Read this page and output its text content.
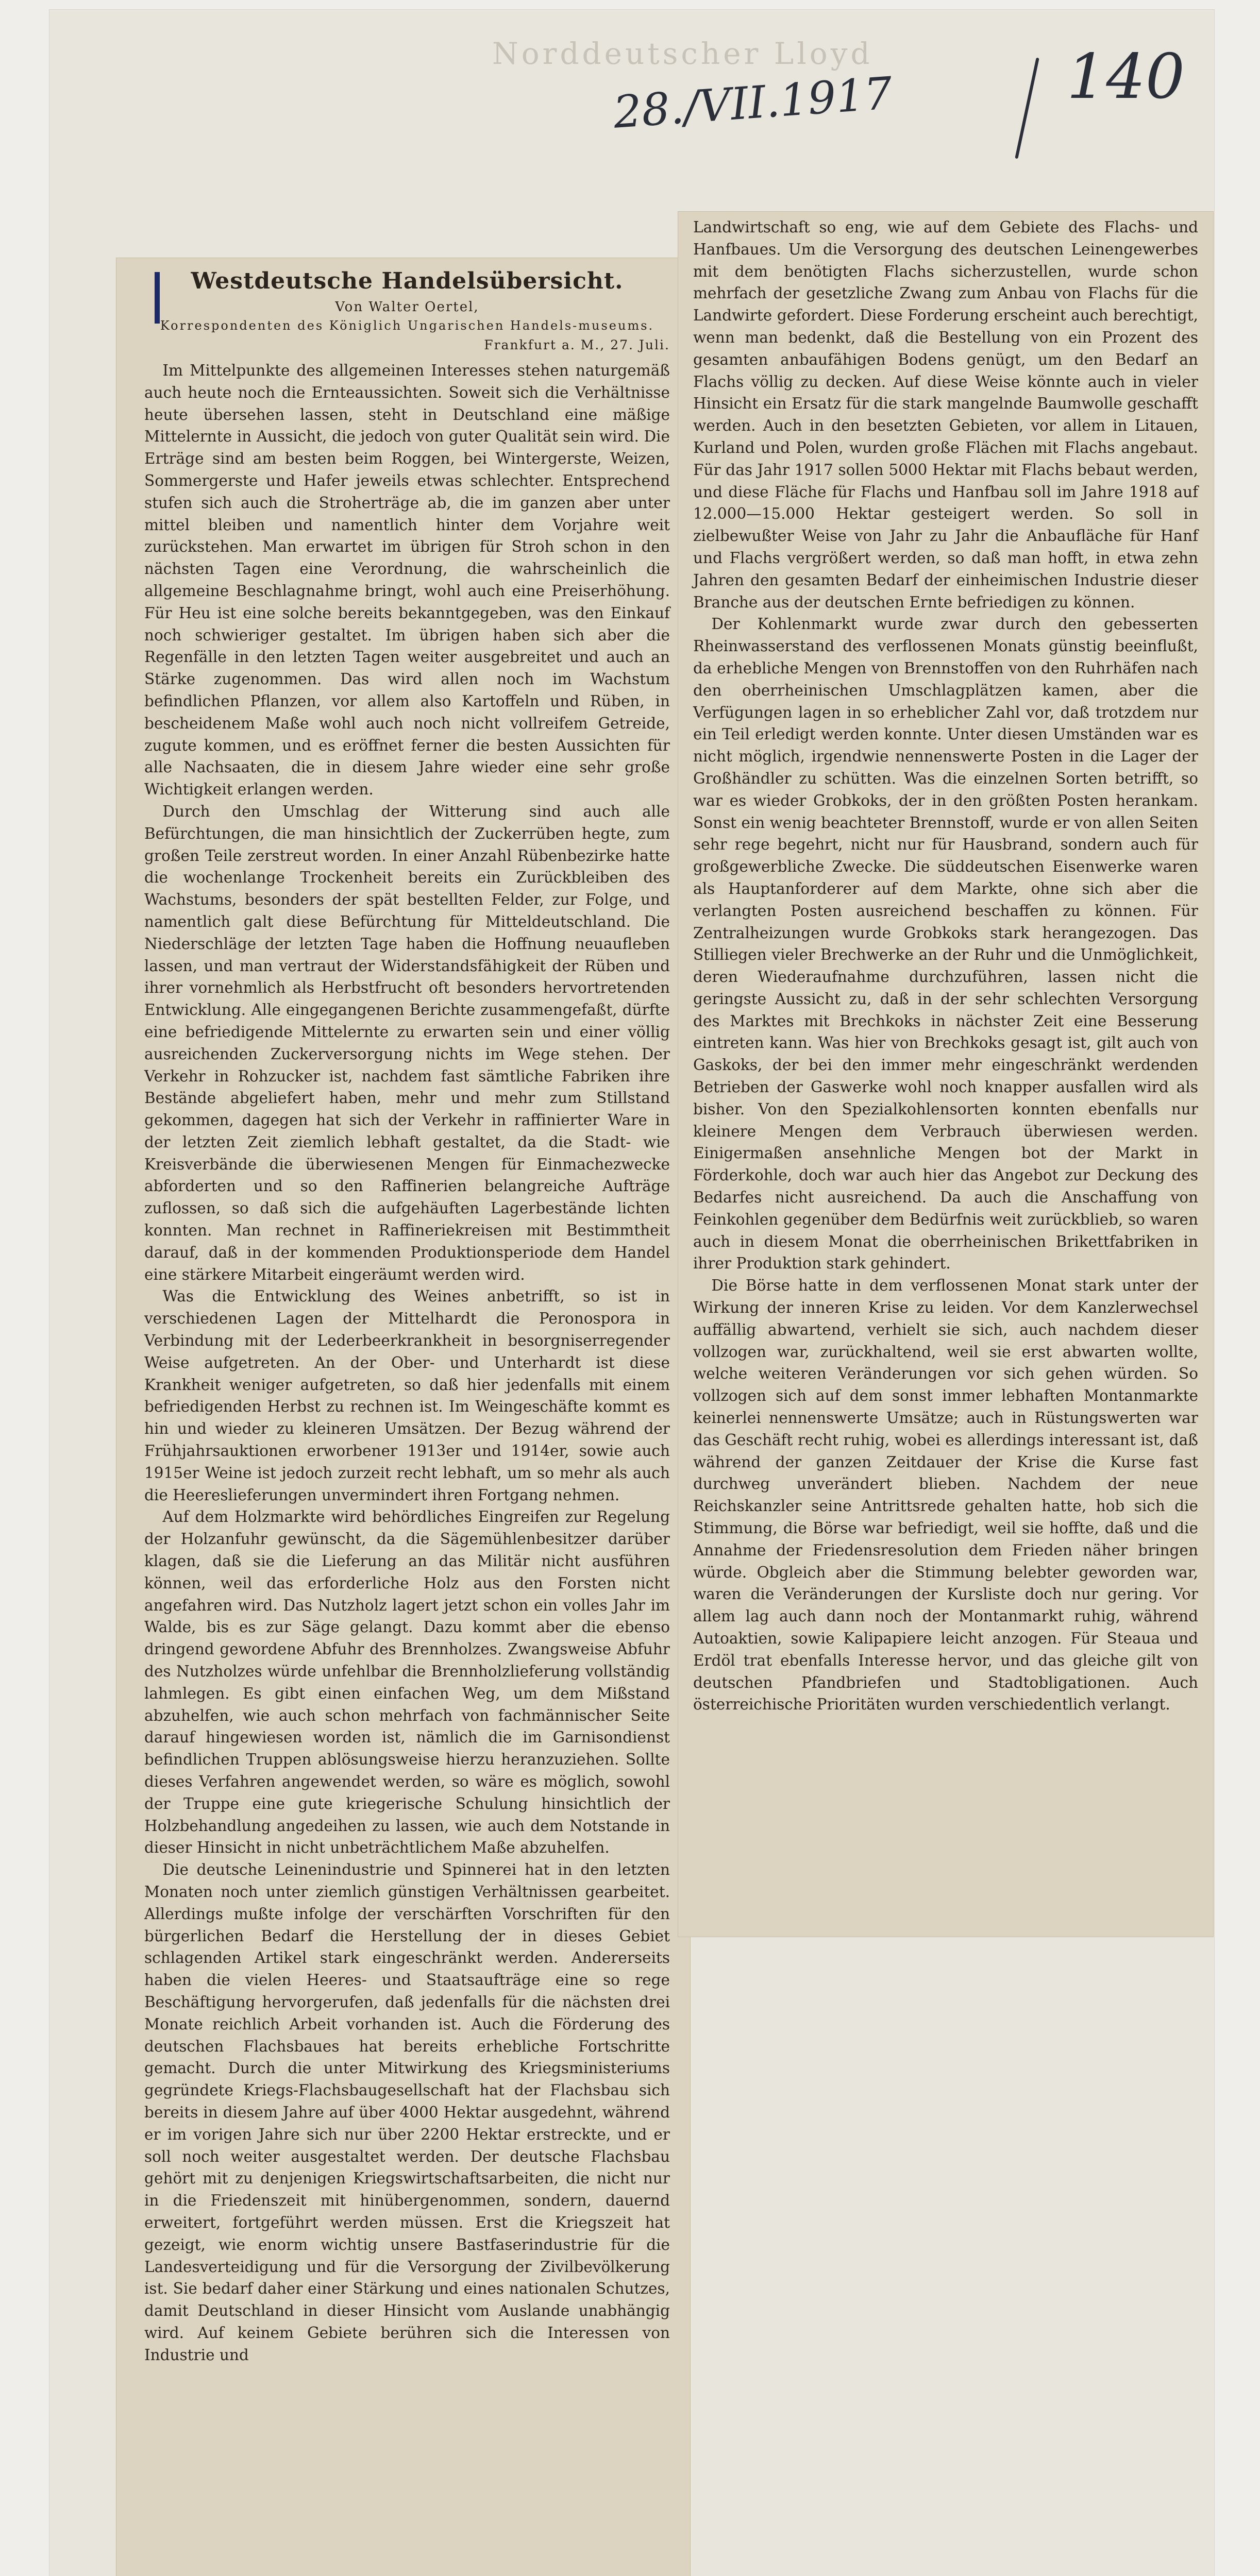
Norddeutscher Lloyd
28./VII.1917	140
Westdeutsche Handelsübersicht.
Von Walter Oertel,
Korrespondenten des Königlich Ungarischen Handels-museums.
Frankfurt a. M., 27. Juli.

Im Mittelpunkte des allgemeinen Interesses stehen naturgemäß auch heute noch die Ernteaussichten. Soweit sich die Verhältnisse heute übersehen lassen, steht in Deutschland eine mäßige Mittelernte in Aussicht, die jedoch von guter Qualität sein wird. Die Erträge sind am besten beim Roggen, bei Wintergerste, Weizen, Sommergerste und Hafer jeweils etwas schlechter. Entsprechend stufen sich auch die Stroherträge ab, die im ganzen aber unter mittel bleiben und namentlich hinter dem Vorjahre weit zurückstehen. Man erwartet im übrigen für Stroh schon in den nächsten Tagen eine Verordnung, die wahrscheinlich die allgemeine Beschlagnahme bringt, wohl auch eine Preiserhöhung. Für Heu ist eine solche bereits bekanntgegeben, was den Einkauf noch schwieriger gestaltet. Im übrigen haben sich aber die Regenfälle in den letzten Tagen weiter ausgebreitet und auch an Stärke zugenommen. Das wird allen noch im Wachstum befindlichen Pflanzen, vor allem also Kartoffeln und Rüben, in bescheidenem Maße wohl auch noch nicht vollreifem Getreide, zugute kommen, und es eröffnet ferner die besten Aussichten für alle Nachsaaten, die in diesem Jahre wieder eine sehr große Wichtigkeit erlangen werden.

Durch den Umschlag der Witterung sind auch alle Befürchtungen, die man hinsichtlich der Zuckerrüben hegte, zum großen Teile zerstreut worden. In einer Anzahl Rübenbezirke hatte die wochenlange Trockenheit bereits ein Zurückbleiben des Wachstums, besonders der spät bestellten Felder, zur Folge, und namentlich galt diese Befürchtung für Mitteldeutschland. Die Niederschläge der letzten Tage haben die Hoffnung neuaufleben lassen, und man vertraut der Widerstandsfähigkeit der Rüben und ihrer vornehmlich als Herbstfrucht oft besonders hervortretenden Entwicklung. Alle eingegangenen Berichte zusammengefaßt, dürfte eine befriedigende Mittelernte zu erwarten sein und einer völlig ausreichenden Zuckerversorgung nichts im Wege stehen. Der Verkehr in Rohzucker ist, nachdem fast sämtliche Fabriken ihre Bestände abgeliefert haben, mehr und mehr zum Stillstand gekommen, dagegen hat sich der Verkehr in raffinierter Ware in der letzten Zeit ziemlich lebhaft gestaltet, da die Stadt- wie Kreisverbände die überwiesenen Mengen für Einmachezwecke abforderten und so den Raffinerien belangreiche Aufträge zuflossen, so daß sich die aufgehäuften Lagerbestände lichten konnten. Man rechnet in Raffineriekreisen mit Bestimmtheit darauf, daß in der kommenden Produktionsperiode dem Handel eine stärkere Mitarbeit eingeräumt werden wird.

Was die Entwicklung des Weines anbetrifft, so ist in verschiedenen Lagen der Mittelhardt die Peronospora in Verbindung mit der Lederbeerkrankheit in besorgniserregender Weise aufgetreten. An der Ober- und Unterhardt ist diese Krankheit weniger aufgetreten, so daß hier jedenfalls mit einem befriedigenden Herbst zu rechnen ist. Im Weingeschäfte kommt es hin und wieder zu kleineren Umsätzen. Der Bezug während der Frühjahrsauktionen erworbener 1913er und 1914er, sowie auch 1915er Weine ist jedoch zurzeit recht lebhaft, um so mehr als auch die Heereslieferungen unvermindert ihren Fortgang nehmen.

Auf dem Holzmarkte wird behördliches Eingreifen zur Regelung der Holzanfuhr gewünscht, da die Sägemühlenbesitzer darüber klagen, daß sie die Lieferung an das Militär nicht ausführen können, weil das erforderliche Holz aus den Forsten nicht angefahren wird. Das Nutzholz lagert jetzt schon ein volles Jahr im Walde, bis es zur Säge gelangt. Dazu kommt aber die ebenso dringend gewordene Abfuhr des Brennholzes. Zwangsweise Abfuhr des Nutzholzes würde unfehlbar die Brennholzlieferung vollständig lahmlegen. Es gibt einen einfachen Weg, um dem Mißstand abzuhelfen, wie auch schon mehrfach von fachmännischer Seite darauf hingewiesen worden ist, nämlich die im Garnisondienst befindlichen Truppen ablösungsweise hierzu heranzuziehen. Sollte dieses Verfahren angewendet werden, so wäre es möglich, sowohl der Truppe eine gute kriegerische Schulung hinsichtlich der Holzbehandlung angedeihen zu lassen, wie auch dem Notstande in dieser Hinsicht in nicht unbeträchtlichem Maße abzuhelfen.

Die deutsche Leinenindustrie und Spinnerei hat in den letzten Monaten noch unter ziemlich günstigen Verhältnissen gearbeitet. Allerdings mußte infolge der verschärften Vorschriften für den bürgerlichen Bedarf die Herstellung der in dieses Gebiet schlagenden Artikel stark eingeschränkt werden. Andererseits haben die vielen Heeres- und Staatsaufträge eine so rege Beschäftigung hervorgerufen, daß jedenfalls für die nächsten drei Monate reichlich Arbeit vorhanden ist. Auch die Förderung des deutschen Flachsbaues hat bereits erhebliche Fortschritte gemacht. Durch die unter Mitwirkung des Kriegsministeriums gegründete Kriegs-Flachsbaugesellschaft hat der Flachsbau sich bereits in diesem Jahre auf über 4000 Hektar ausgedehnt, während er im vorigen Jahre sich nur über 2200 Hektar erstreckte, und er soll noch weiter ausgestaltet werden. Der deutsche Flachsbau gehört mit zu denjenigen Kriegswirtschaftsarbeiten, die nicht nur in die Friedenszeit mit hinübergenommen, sondern, dauernd erweitert, fortgeführt werden müssen. Erst die Kriegszeit hat gezeigt, wie enorm wichtig unsere Bastfaserindustrie für die Landesverteidigung und für die Versorgung der Zivilbevölkerung ist. Sie bedarf daher einer Stärkung und eines nationalen Schutzes, damit Deutschland in dieser Hinsicht vom Auslande unabhängig wird. Auf keinem Gebiete berühren sich die Interessen von Industrie und

Landwirtschaft so eng, wie auf dem Gebiete des Flachs- und Hanfbaues. Um die Versorgung des deutschen Leinengewerbes mit dem benötigten Flachs sicherzustellen, wurde schon mehrfach der gesetzliche Zwang zum Anbau von Flachs für die Landwirte gefordert. Diese Forderung erscheint auch berechtigt, wenn man bedenkt, daß die Bestellung von ein Prozent des gesamten anbaufähigen Bodens genügt, um den Bedarf an Flachs völlig zu decken. Auf diese Weise könnte auch in vieler Hinsicht ein Ersatz für die stark mangelnde Baumwolle geschafft werden. Auch in den besetzten Gebieten, vor allem in Litauen, Kurland und Polen, wurden große Flächen mit Flachs angebaut. Für das Jahr 1917 sollen 5000 Hektar mit Flachs bebaut werden, und diese Fläche für Flachs und Hanfbau soll im Jahre 1918 auf 12.000—15.000 Hektar gesteigert werden. So soll in zielbewußter Weise von Jahr zu Jahr die Anbaufläche für Hanf und Flachs vergrößert werden, so daß man hofft, in etwa zehn Jahren den gesamten Bedarf der einheimischen Industrie dieser Branche aus der deutschen Ernte befriedigen zu können.

Der Kohlenmarkt wurde zwar durch den gebesserten Rheinwasserstand des verflossenen Monats günstig beeinflußt, da erhebliche Mengen von Brennstoffen von den Ruhrhäfen nach den oberrheinischen Umschlagplätzen kamen, aber die Verfügungen lagen in so erheblicher Zahl vor, daß trotzdem nur ein Teil erledigt werden konnte. Unter diesen Umständen war es nicht möglich, irgendwie nennenswerte Posten in die Lager der Großhändler zu schütten. Was die einzelnen Sorten betrifft, so war es wieder Grobkoks, der in den größten Posten herankam. Sonst ein wenig beachteter Brennstoff, wurde er von allen Seiten sehr rege begehrt, nicht nur für Hausbrand, sondern auch für großgewerbliche Zwecke. Die süddeutschen Eisenwerke waren als Hauptanforderer auf dem Markte, ohne sich aber die verlangten Posten ausreichend beschaffen zu können. Für Zentralheizungen wurde Grobkoks stark herangezogen. Das Stilliegen vieler Brechwerke an der Ruhr und die Unmöglichkeit, deren Wiederaufnahme durchzuführen, lassen nicht die geringste Aussicht zu, daß in der sehr schlechten Versorgung des Marktes mit Brechkoks in nächster Zeit eine Besserung eintreten kann. Was hier von Brechkoks gesagt ist, gilt auch von Gaskoks, der bei den immer mehr eingeschränkt werdenden Betrieben der Gaswerke wohl noch knapper ausfallen wird als bisher. Von den Spezialkohlensorten konnten ebenfalls nur kleinere Mengen dem Verbrauch überwiesen werden. Einigermaßen ansehnliche Mengen bot der Markt in Förderkohle, doch war auch hier das Angebot zur Deckung des Bedarfes nicht ausreichend. Da auch die Anschaffung von Feinkohlen gegenüber dem Bedürfnis weit zurückblieb, so waren auch in diesem Monat die oberrheinischen Brikettfabriken in ihrer Produktion stark gehindert.

Die Börse hatte in dem verflossenen Monat stark unter der Wirkung der inneren Krise zu leiden. Vor dem Kanzlerwechsel auffällig abwartend, verhielt sie sich, auch nachdem dieser vollzogen war, zurückhaltend, weil sie erst abwarten wollte, welche weiteren Veränderungen vor sich gehen würden. So vollzogen sich auf dem sonst immer lebhaften Montanmarkte keinerlei nennenswerte Umsätze; auch in Rüstungswerten war das Geschäft recht ruhig, wobei es allerdings interessant ist, daß während der ganzen Zeitdauer der Krise die Kurse fast durchweg unverändert blieben. Nachdem der neue Reichskanzler seine Antrittsrede gehalten hatte, hob sich die Stimmung, die Börse war befriedigt, weil sie hoffte, daß und die Annahme der Friedensresolution dem Frieden näher bringen würde. Obgleich aber die Stimmung belebter geworden war, waren die Veränderungen der Kursliste doch nur gering. Vor allem lag auch dann noch der Montanmarkt ruhig, während Autoaktien, sowie Kalipapiere leicht anzogen. Für Steaua und Erdöl trat ebenfalls Interesse hervor, und das gleiche gilt von deutschen Pfandbriefen und Stadtobligationen. Auch österreichische Prioritäten wurden verschiedentlich verlangt.
